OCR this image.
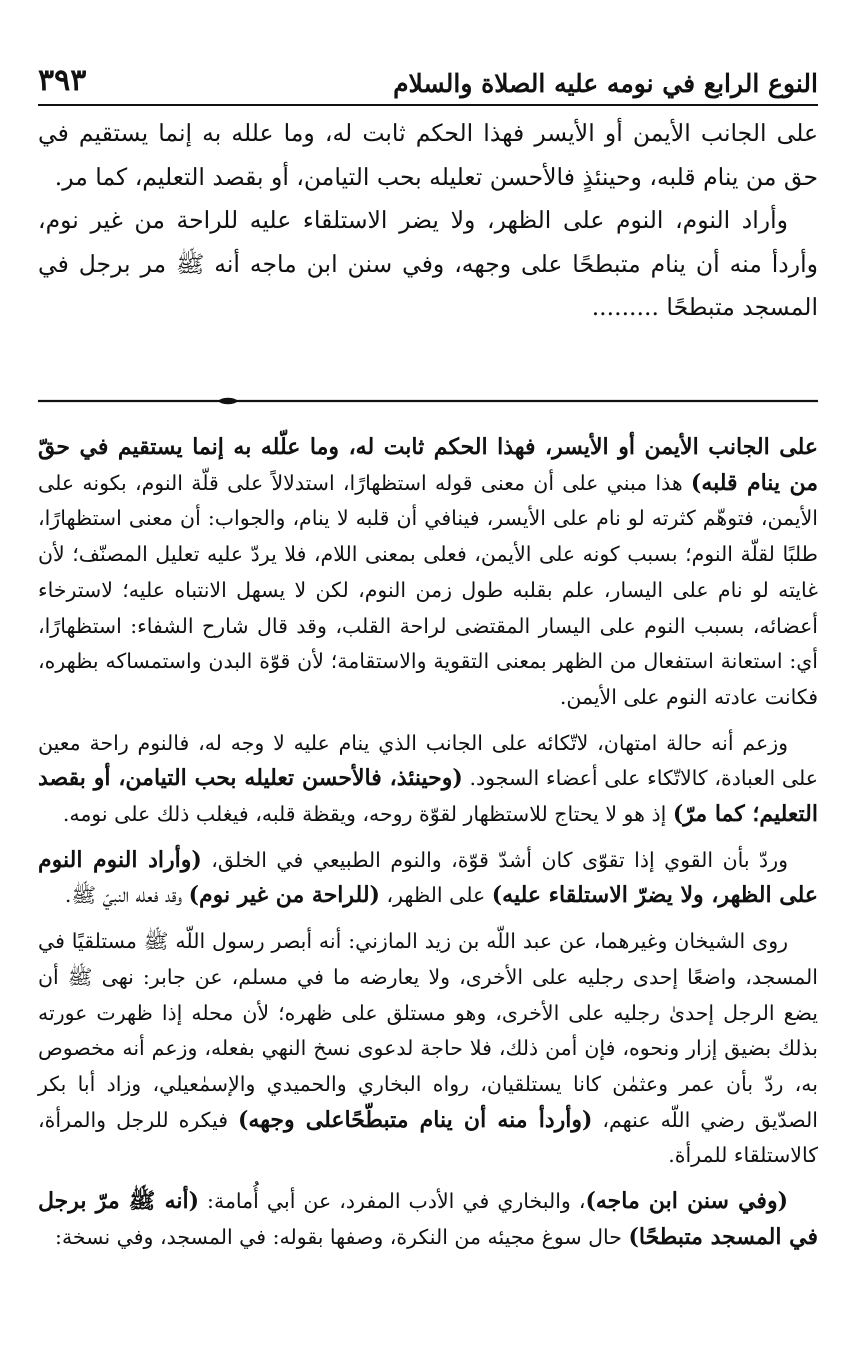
النوع الرابع في نومه عليه الصلاة والسلام
٣٩٣

على الجانب الأيمن أو الأيسر فهذا الحكم ثابت له، وما علله به إنما يستقيم في حق من ينام قلبه، وحينئذٍ فالأحسن تعليله بحب التيامن، أو بقصد التعليم، كما مر.

وأراد النوم، النوم على الظهر، ولا يضر الاستلقاء عليه للراحة من غير نوم، وأردأ منه أن ينام متبطحًا على وجهه، وفي سنن ابن ماجه أنه ﷺ مر برجل في المسجد متبطحًا .........

على الجانب الأيمن أو الأيسر، فهذا الحكم ثابت له، وما علّله به إنما يستقيم في حقّ من ينام قلبه) هذا مبني على أن معنى قوله استظهارًا، استدلالاً على قلّة النوم، بكونه على الأيمن، فتوهّم كثرته لو نام على الأيسر، فينافي أن قلبه لا ينام، والجواب: أن معنى استظهارًا، طلبًا لقلّة النوم؛ بسبب كونه على الأيمن، فعلى بمعنى اللام، فلا يردّ عليه تعليل المصنّف؛ لأن غايته لو نام على اليسار، علم بقلبه طول زمن النوم، لكن لا يسهل الانتباه عليه؛ لاسترخاء أعضائه، بسبب النوم على اليسار المقتضى لراحة القلب، وقد قال شارح الشفاء: استظهارًا، أي: استعانة استفعال من الظهر بمعنى التقوية والاستقامة؛ لأن قوّة البدن واستمساكه بظهره، فكانت عادته النوم على الأيمن.

وزعم أنه حالة امتهان، لاتّكائه على الجانب الذي ينام عليه لا وجه له، فالنوم راحة معين على العبادة، كالاتّكاء على أعضاء السجود. (وحينئذ، فالأحسن تعليله بحب التيامن، أو بقصد التعليم؛ كما مرّ) إذ هو لا يحتاج للاستظهار لقوّة روحه، ويقظة قلبه، فيغلب ذلك على نومه.

وردّ بأن القوي إذا تقوّى كان أشدّ قوّة، والنوم الطبيعي في الخلق، (وأراد النوم النوم على الظهر، ولا يضرّ الاستلقاء عليه) على الظهر، (للراحة من غير نوم) وقد فعله النبيّ ﷺ.

روى الشيخان وغيرهما، عن عبد اللّه بن زيد المازني: أنه أبصر رسول اللّه ﷺ مستلقيًا في المسجد، واضعًا إحدى رجليه على الأخرى، ولا يعارضه ما في مسلم، عن جابر: نهى ﷺ أن يضع الرجل إحدىٰ رجليه على الأخرى، وهو مستلق على ظهره؛ لأن محله إذا ظهرت عورته بذلك بضيق إزار ونحوه، فإن أمن ذلك، فلا حاجة لدعوى نسخ النهي بفعله، وزعم أنه مخصوص به، ردّ بأن عمر وعثمٰن كانا يستلقيان، رواه البخاري والحميدي والإسمٰعيلي، وزاد أبا بكر الصدّيق رضي اللّه عنهم، (وأردأ منه أن ينام متبطّحًاعلى وجهه) فيكره للرجل والمرأة، كالاستلقاء للمرأة.

(وفي سنن ابن ماجه)، والبخاري في الأدب المفرد، عن أبي أُمامة: (أنه ﷺ مرّ برجل في المسجد متبطحًا) حال سوغ مجيئه من النكرة، وصفها بقوله: في المسجد، وفي نسخة:
